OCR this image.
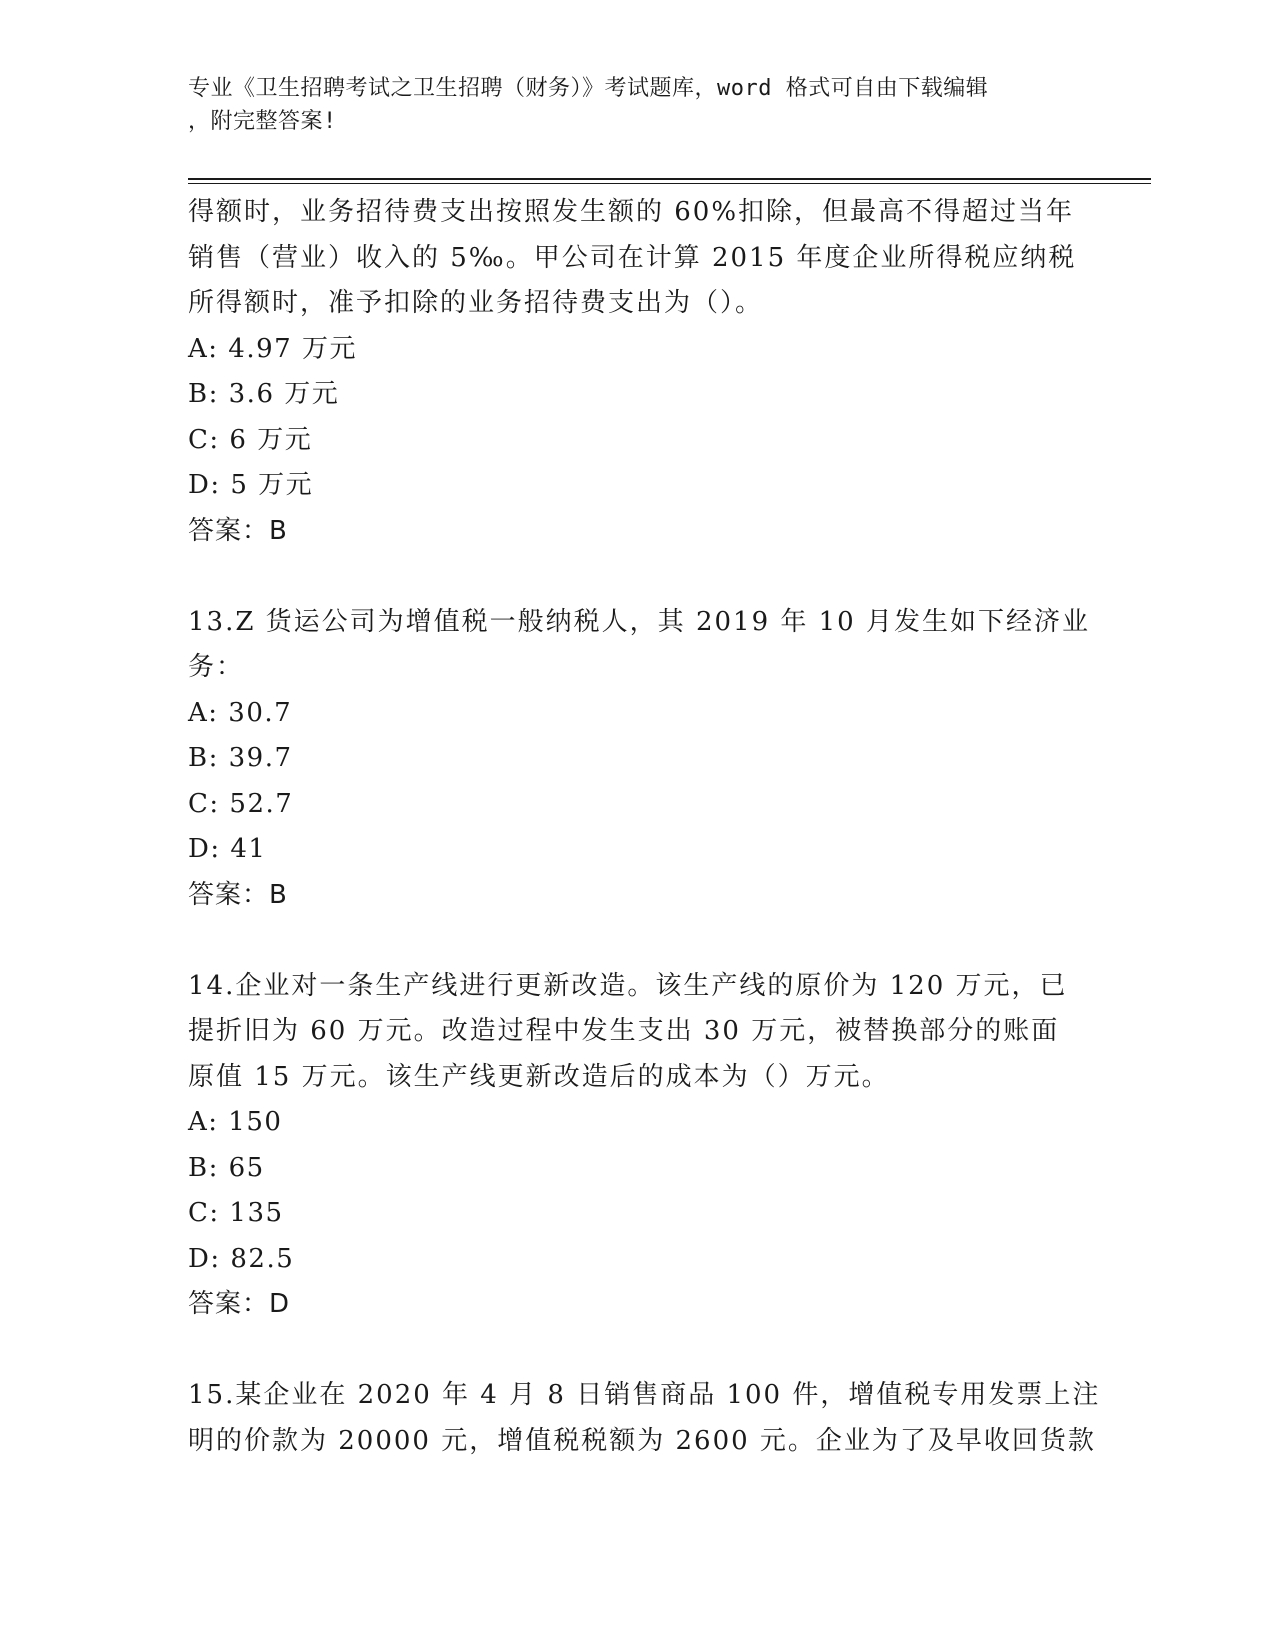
专业《卫生招聘考试之卫生招聘（财务）》考试题库，word 格式可自由下载编辑
，附完整答案!
得额时，业务招待费支出按照发生额的 60%扣除，但最高不得超过当年
销售（营业）收入的 5‰。甲公司在计算 2015 年度企业所得税应纳税
所得额时，准予扣除的业务招待费支出为（）。
A: 4.97 万元
B: 3.6 万元
C: 6 万元
D: 5 万元
答案：B
13.Z 货运公司为增值税一般纳税人，其 2019 年 10 月发生如下经济业
务：
A: 30.7
B: 39.7
C: 52.7
D: 41
答案：B
14.企业对一条生产线进行更新改造。该生产线的原价为 120 万元，已
提折旧为 60 万元。改造过程中发生支出 30 万元，被替换部分的账面
原值 15 万元。该生产线更新改造后的成本为（）万元。
A: 150
B: 65
C: 135
D: 82.5
答案：D
15.某企业在 2020 年 4 月 8 日销售商品 100 件，增值税专用发票上注
明的价款为 20000 元，增值税税额为 2600 元。企业为了及早收回货款
